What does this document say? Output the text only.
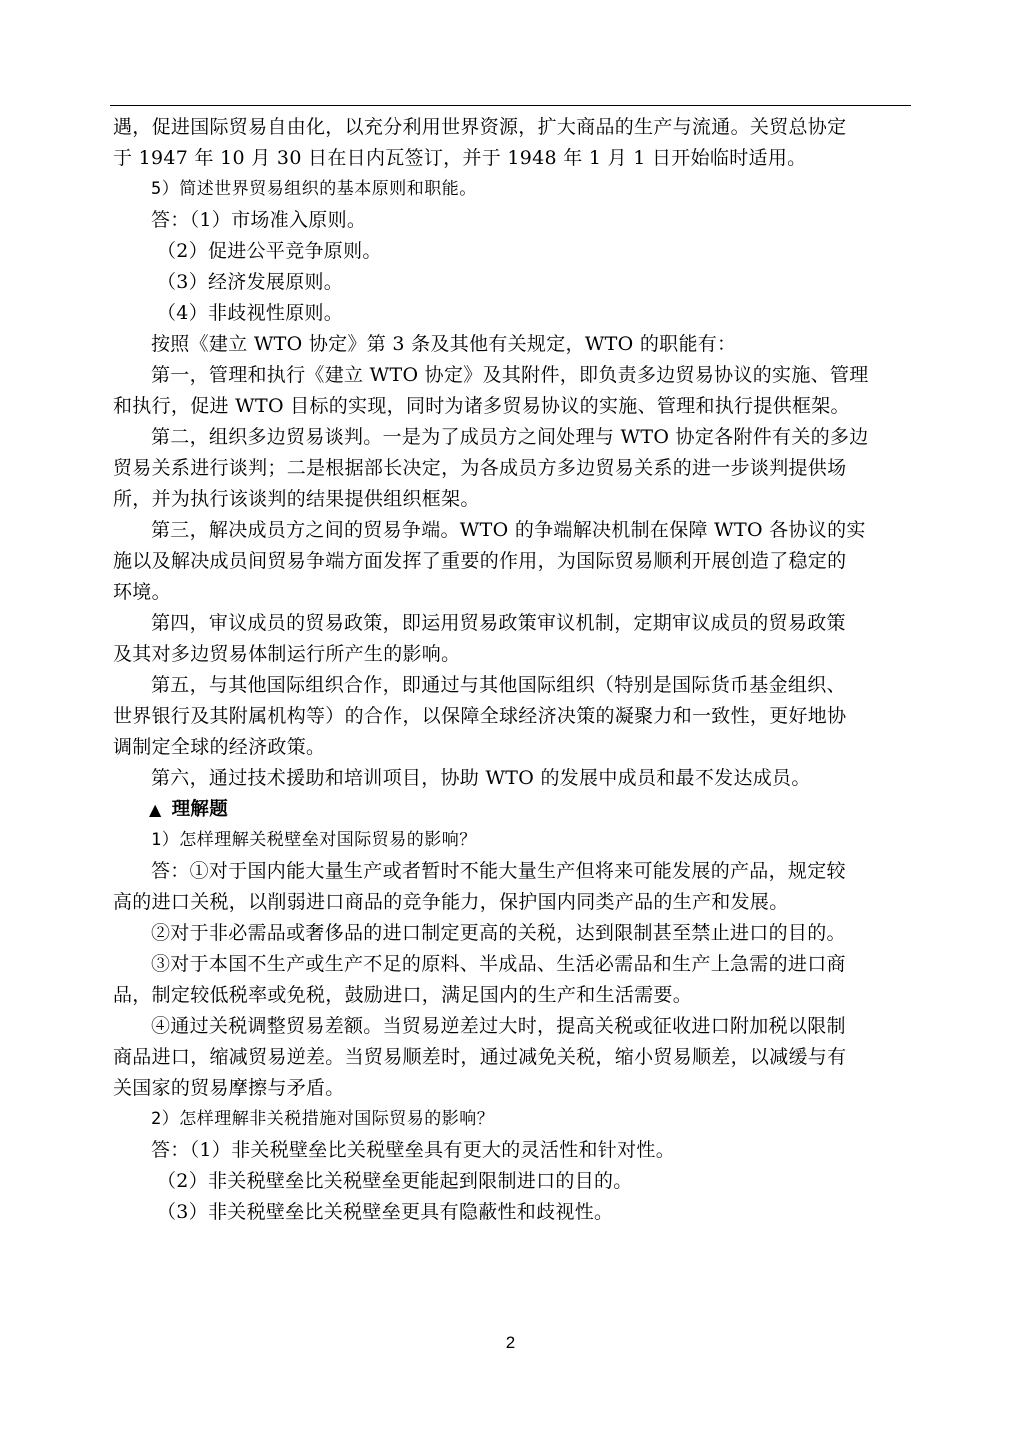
遇，促进国际贸易自由化，以充分利用世界资源，扩大商品的生产与流通。关贸总协定
于 1947 年 10 月 30 日在日内瓦签订，并于 1948 年 1 月 1 日开始临时适用。
5）简述世界贸易组织的基本原则和职能。
答：（1）市场准入原则。
（2）促进公平竞争原则。
（3）经济发展原则。
（4）非歧视性原则。
按照《建立 WTO 协定》第 3 条及其他有关规定，WTO 的职能有：
第一，管理和执行《建立 WTO 协定》及其附件，即负责多边贸易协议的实施、管理
和执行，促进 WTO 目标的实现，同时为诸多贸易协议的实施、管理和执行提供框架。
第二，组织多边贸易谈判。一是为了成员方之间处理与 WTO 协定各附件有关的多边
贸易关系进行谈判；二是根据部长决定，为各成员方多边贸易关系的进一步谈判提供场
所，并为执行该谈判的结果提供组织框架。
第三，解决成员方之间的贸易争端。WTO 的争端解决机制在保障 WTO 各协议的实
施以及解决成员间贸易争端方面发挥了重要的作用，为国际贸易顺利开展创造了稳定的
环境。
第四，审议成员的贸易政策，即运用贸易政策审议机制，定期审议成员的贸易政策
及其对多边贸易体制运行所产生的影响。
第五，与其他国际组织合作，即通过与其他国际组织（特别是国际货币基金组织、
世界银行及其附属机构等）的合作，以保障全球经济决策的凝聚力和一致性，更好地协
调制定全球的经济政策。
第六，通过技术援助和培训项目，协助 WTO 的发展中成员和最不发达成员。
▲ 理解题
1）怎样理解关税壁垒对国际贸易的影响？
答：①对于国内能大量生产或者暂时不能大量生产但将来可能发展的产品，规定较
高的进口关税，以削弱进口商品的竞争能力，保护国内同类产品的生产和发展。
②对于非必需品或奢侈品的进口制定更高的关税，达到限制甚至禁止进口的目的。
③对于本国不生产或生产不足的原料、半成品、生活必需品和生产上急需的进口商
品，制定较低税率或免税，鼓励进口，满足国内的生产和生活需要。
④通过关税调整贸易差额。当贸易逆差过大时，提高关税或征收进口附加税以限制
商品进口，缩减贸易逆差。当贸易顺差时，通过减免关税，缩小贸易顺差，以减缓与有
关国家的贸易摩擦与矛盾。
2）怎样理解非关税措施对国际贸易的影响？
答：（1）非关税壁垒比关税壁垒具有更大的灵活性和针对性。
（2）非关税壁垒比关税壁垒更能起到限制进口的目的。
（3）非关税壁垒比关税壁垒更具有隐蔽性和歧视性。
2
